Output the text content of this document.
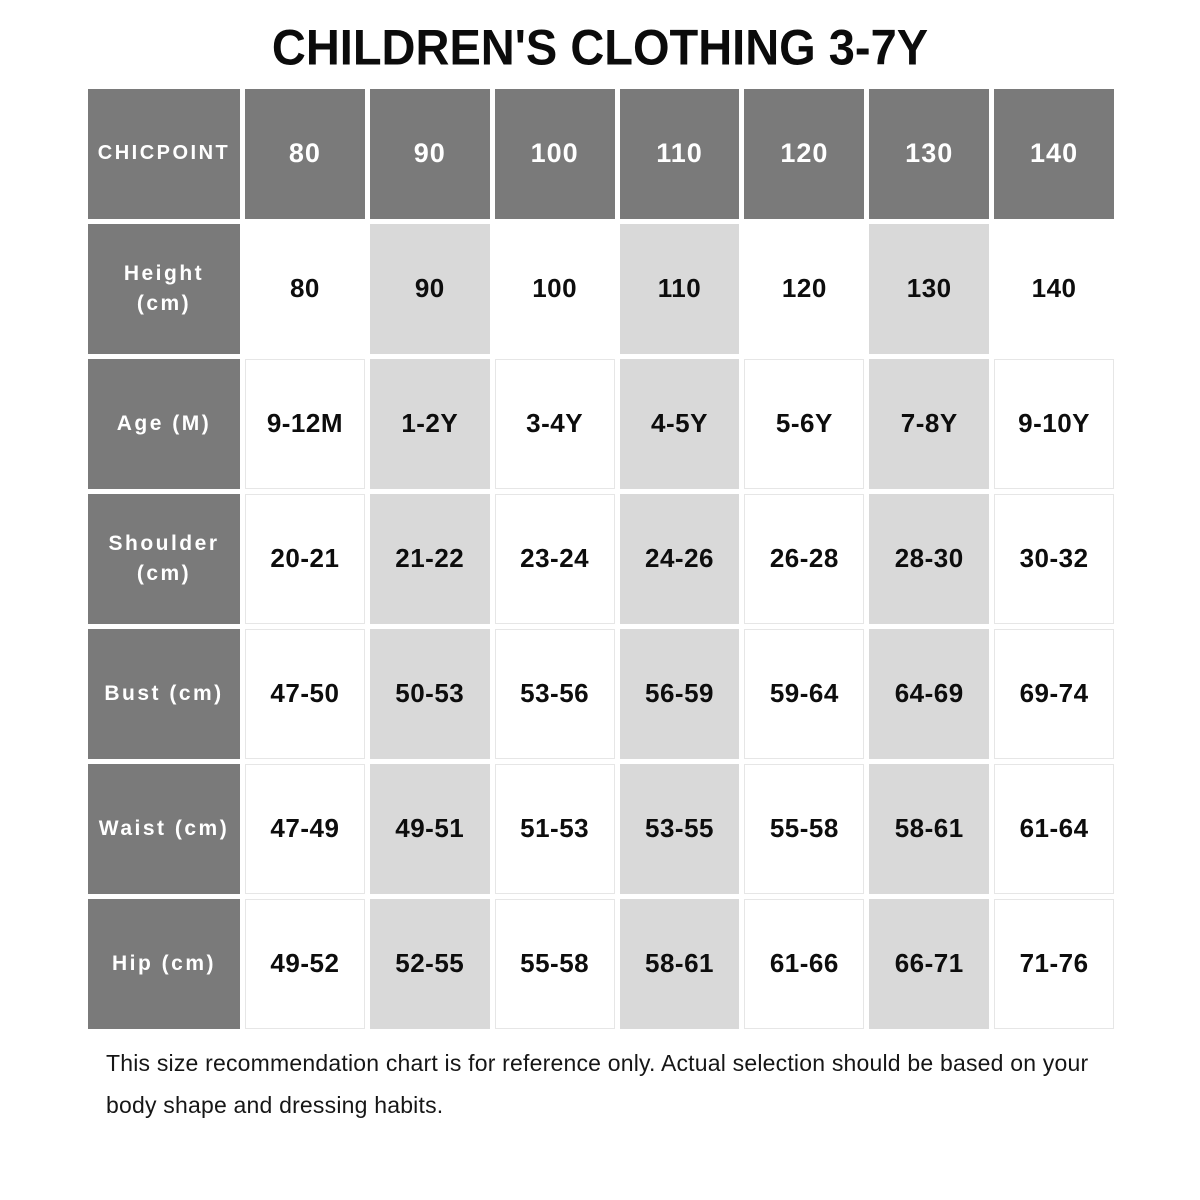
CHILDREN'S CLOTHING 3-7Y
CHICPOINT	80	90	100	110	120	130	140
Height (cm)	80	90	100	110	120	130	140
Age (M)	9-12M	1-2Y	3-4Y	4-5Y	5-6Y	7-8Y	9-10Y
Shoulder (cm)	20-21	21-22	23-24	24-26	26-28	28-30	30-32
Bust (cm)	47-50	50-53	53-56	56-59	59-64	64-69	69-74
Waist (cm)	47-49	49-51	51-53	53-55	55-58	58-61	61-64
Hip (cm)	49-52	52-55	55-58	58-61	61-66	66-71	71-76
This size recommendation chart is for reference only. Actual selection should be based on your body shape and dressing habits.
